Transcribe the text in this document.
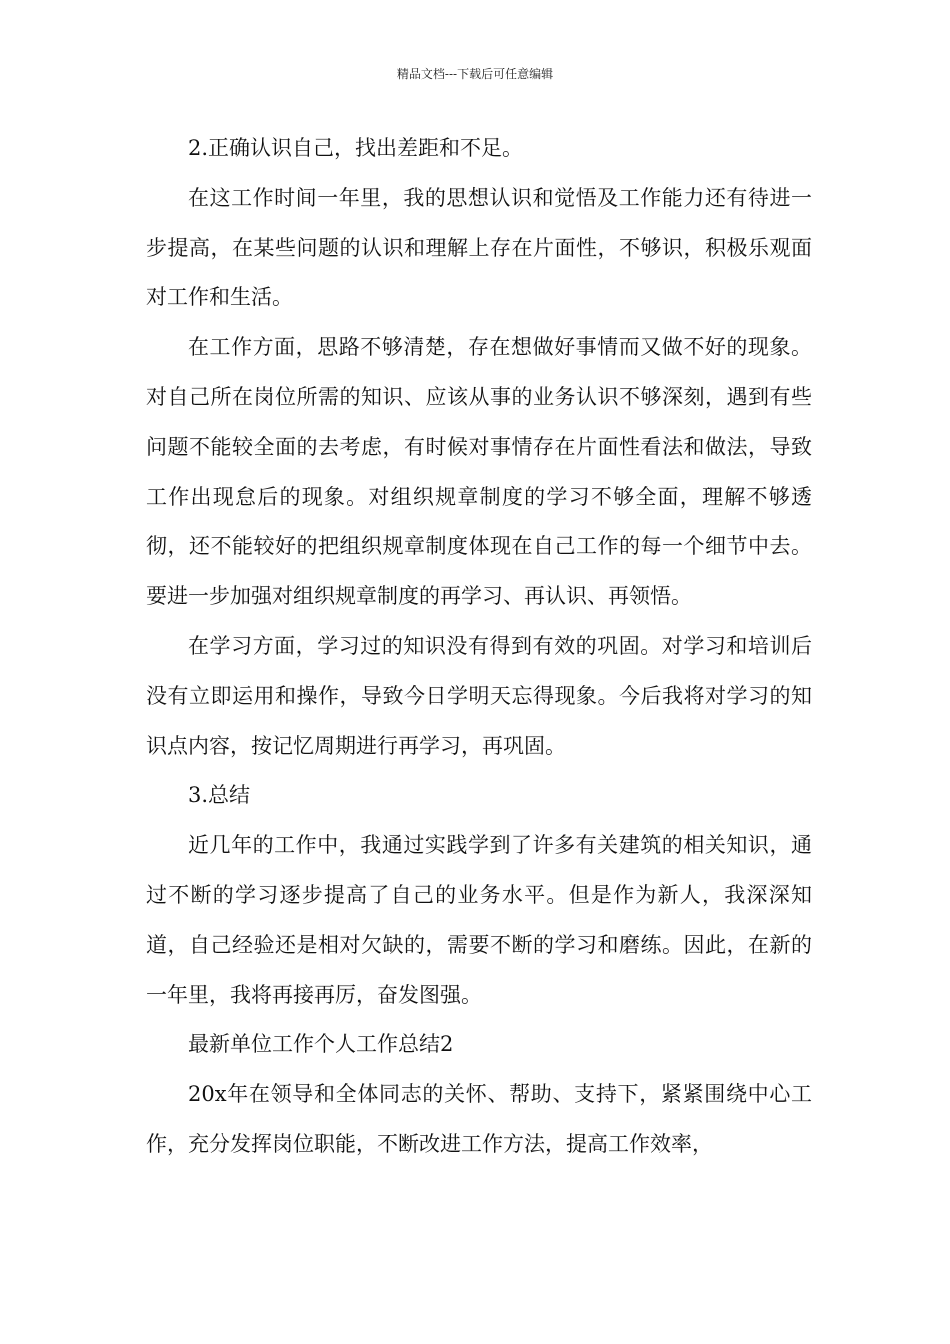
精品文档---下载后可任意编辑

2.正确认识自己，找出差距和不足。

在这工作时间一年里，我的思想认识和觉悟及工作能力还有待进一步提高，在某些问题的认识和理解上存在片面性，不够识，积极乐观面对工作和生活。

在工作方面，思路不够清楚，存在想做好事情而又做不好的现象。对自己所在岗位所需的知识、应该从事的业务认识不够深刻，遇到有些问题不能较全面的去考虑，有时候对事情存在片面性看法和做法，导致工作出现怠后的现象。对组织规章制度的学习不够全面，理解不够透彻，还不能较好的把组织规章制度体现在自己工作的每一个细节中去。要进一步加强对组织规章制度的再学习、再认识、再领悟。

在学习方面，学习过的知识没有得到有效的巩固。对学习和培训后没有立即运用和操作，导致今日学明天忘得现象。今后我将对学习的知识点内容，按记忆周期进行再学习，再巩固。

3.总结

近几年的工作中，我通过实践学到了许多有关建筑的相关知识，通过不断的学习逐步提高了自己的业务水平。但是作为新人，我深深知道，自己经验还是相对欠缺的，需要不断的学习和磨练。因此，在新的一年里，我将再接再厉，奋发图强。

最新单位工作个人工作总结2

20x年在领导和全体同志的关怀、帮助、支持下，紧紧围绕中心工作，充分发挥岗位职能，不断改进工作方法，提高工作效率，
